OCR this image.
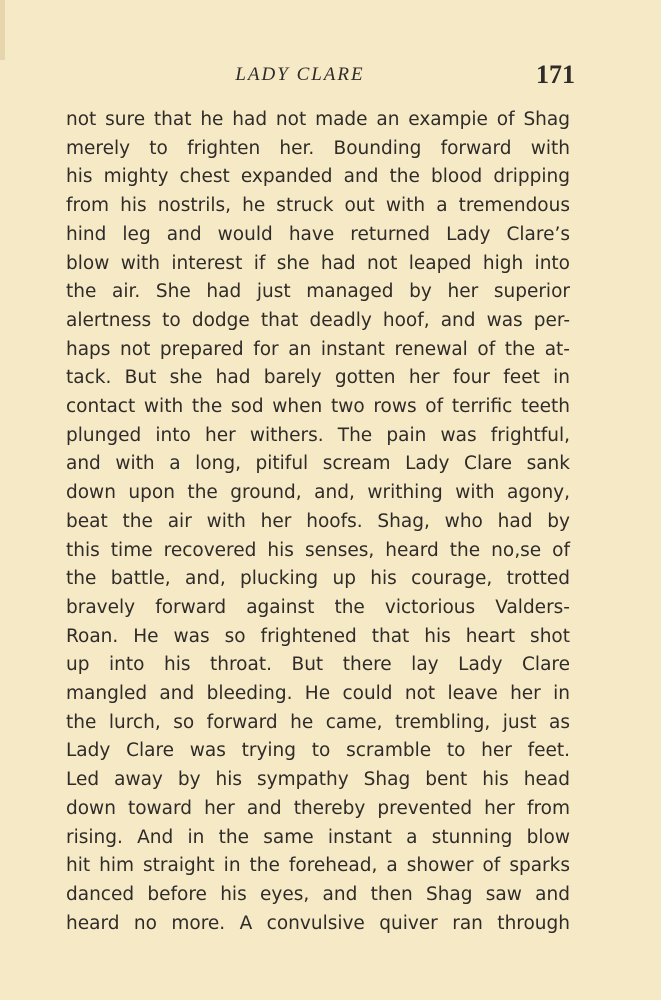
LADY CLARE	171
not sure that he had not made an exampie of Shag
merely to frighten her. Bounding forward with
his mighty chest expanded and the blood dripping
from his nostrils, he struck out with a tremendous
hind leg and would have returned Lady Clare’s
blow with interest if she had not leaped high into
the air. She had just managed by her superior
alertness to dodge that deadly hoof, and was per-
haps not prepared for an instant renewal of the at-
tack. But she had barely gotten her four feet in
contact with the sod when two rows of terrific teeth
plunged into her withers. The pain was frightful,
and with a long, pitiful scream Lady Clare sank
down upon the ground, and, writhing with agony,
beat the air with her hoofs. Shag, who had by
this time recovered his senses, heard the no‚se of
the battle, and, plucking up his courage, trotted
bravely forward against the victorious Valders-
Roan. He was so frightened that his heart shot
up into his throat. But there lay Lady Clare
mangled and bleeding. He could not leave her in
the lurch, so forward he came, trembling, just as
Lady Clare was trying to scramble to her feet.
Led away by his sympathy Shag bent his head
down toward her and thereby prevented her from
rising. And in the same instant a stunning blow
hit him straight in the forehead, a shower of sparks
danced before his eyes, and then Shag saw and
heard no more. A convulsive quiver ran through
